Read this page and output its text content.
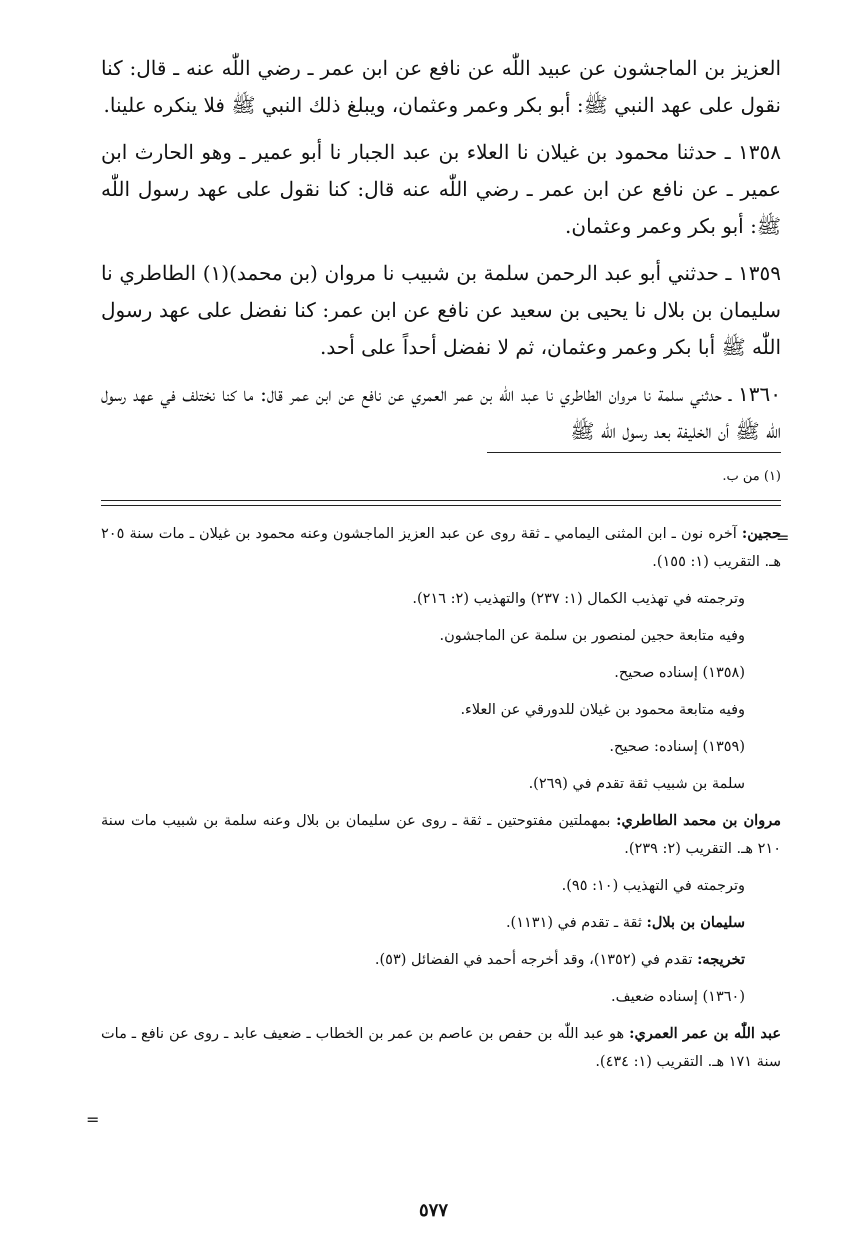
العزيز بن الماجشون عن عبيد اللّٰه عن نافع عن ابن عمر ـ رضي اللّٰه عنه ـ قال: كنا نقول على عهد النبي ﷺ: أبو بكر وعمر وعثمان، ويبلغ ذلك النبي ﷺ فلا ينكره علينا.

١٣٥٨ ـ حدثنا محمود بن غيلان نا العلاء بن عبد الجبار نا أبو عمير ـ وهو الحارث ابن عمير ـ عن نافع عن ابن عمر ـ رضي اللّٰه عنه قال: كنا نقول على عهد رسول اللّٰه ﷺ: أبو بكر وعمر وعثمان.

١٣٥٩ ـ حدثني أبو عبد الرحمن سلمة بن شبيب نا مروان (بن محمد)(١) الطاطري نا سليمان بن بلال نا يحيى بن سعيد عن نافع عن ابن عمر: كنا نفضل على عهد رسول اللّٰه ﷺ أبا بكر وعمر وعثمان، ثم لا نفضل أحداً على أحد.

١٣٦٠ ـ حدثني سلمة نا مروان الطاطري نا عبد اللّٰه بن عمر العمري عن نافع عن ابن عمر قال: ما كنا نختلف في عهد رسول اللّٰه ﷺ أن الخليفة بعد رسول اللّٰه ﷺ

(١) من ب.
=

حجين: آخره نون ـ ابن المثنى اليمامي ـ ثقة روى عن عبد العزيز الماجشون وعنه محمود بن غيلان ـ مات سنة ٢٠٥ هـ. التقريب (١: ١٥٥).

وترجمته في تهذيب الكمال (١: ٢٣٧) والتهذيب (٢: ٢١٦).

وفيه متابعة حجين لمنصور بن سلمة عن الماجشون.

(١٣٥٨) إسناده صحيح.

وفيه متابعة محمود بن غيلان للدورقي عن العلاء.

(١٣٥٩) إسناده: صحيح.

سلمة بن شبيب ثقة تقدم في (٢٦٩).

مروان بن محمد الطاطري: بمهملتين مفتوحتين ـ ثقة ـ روى عن سليمان بن بلال وعنه سلمة بن شبيب مات سنة ٢١٠ هـ. التقريب (٢: ٢٣٩).

وترجمته في التهذيب (١٠: ٩٥).

سليمان بن بلال: ثقة ـ تقدم في (١١٣١).

تخريجه: تقدم في (١٣٥٢)، وقد أخرجه أحمد في الفضائل (٥٣).

(١٣٦٠) إسناده ضعيف.

عبد اللّٰه بن عمر العمري: هو عبد اللّٰه بن حفص بن عاصم بن عمر بن الخطاب ـ ضعيف عابد ـ روى عن نافع ـ مات سنة ١٧١ هـ. التقريب (١: ٤٣٤).

=
٥٧٧
